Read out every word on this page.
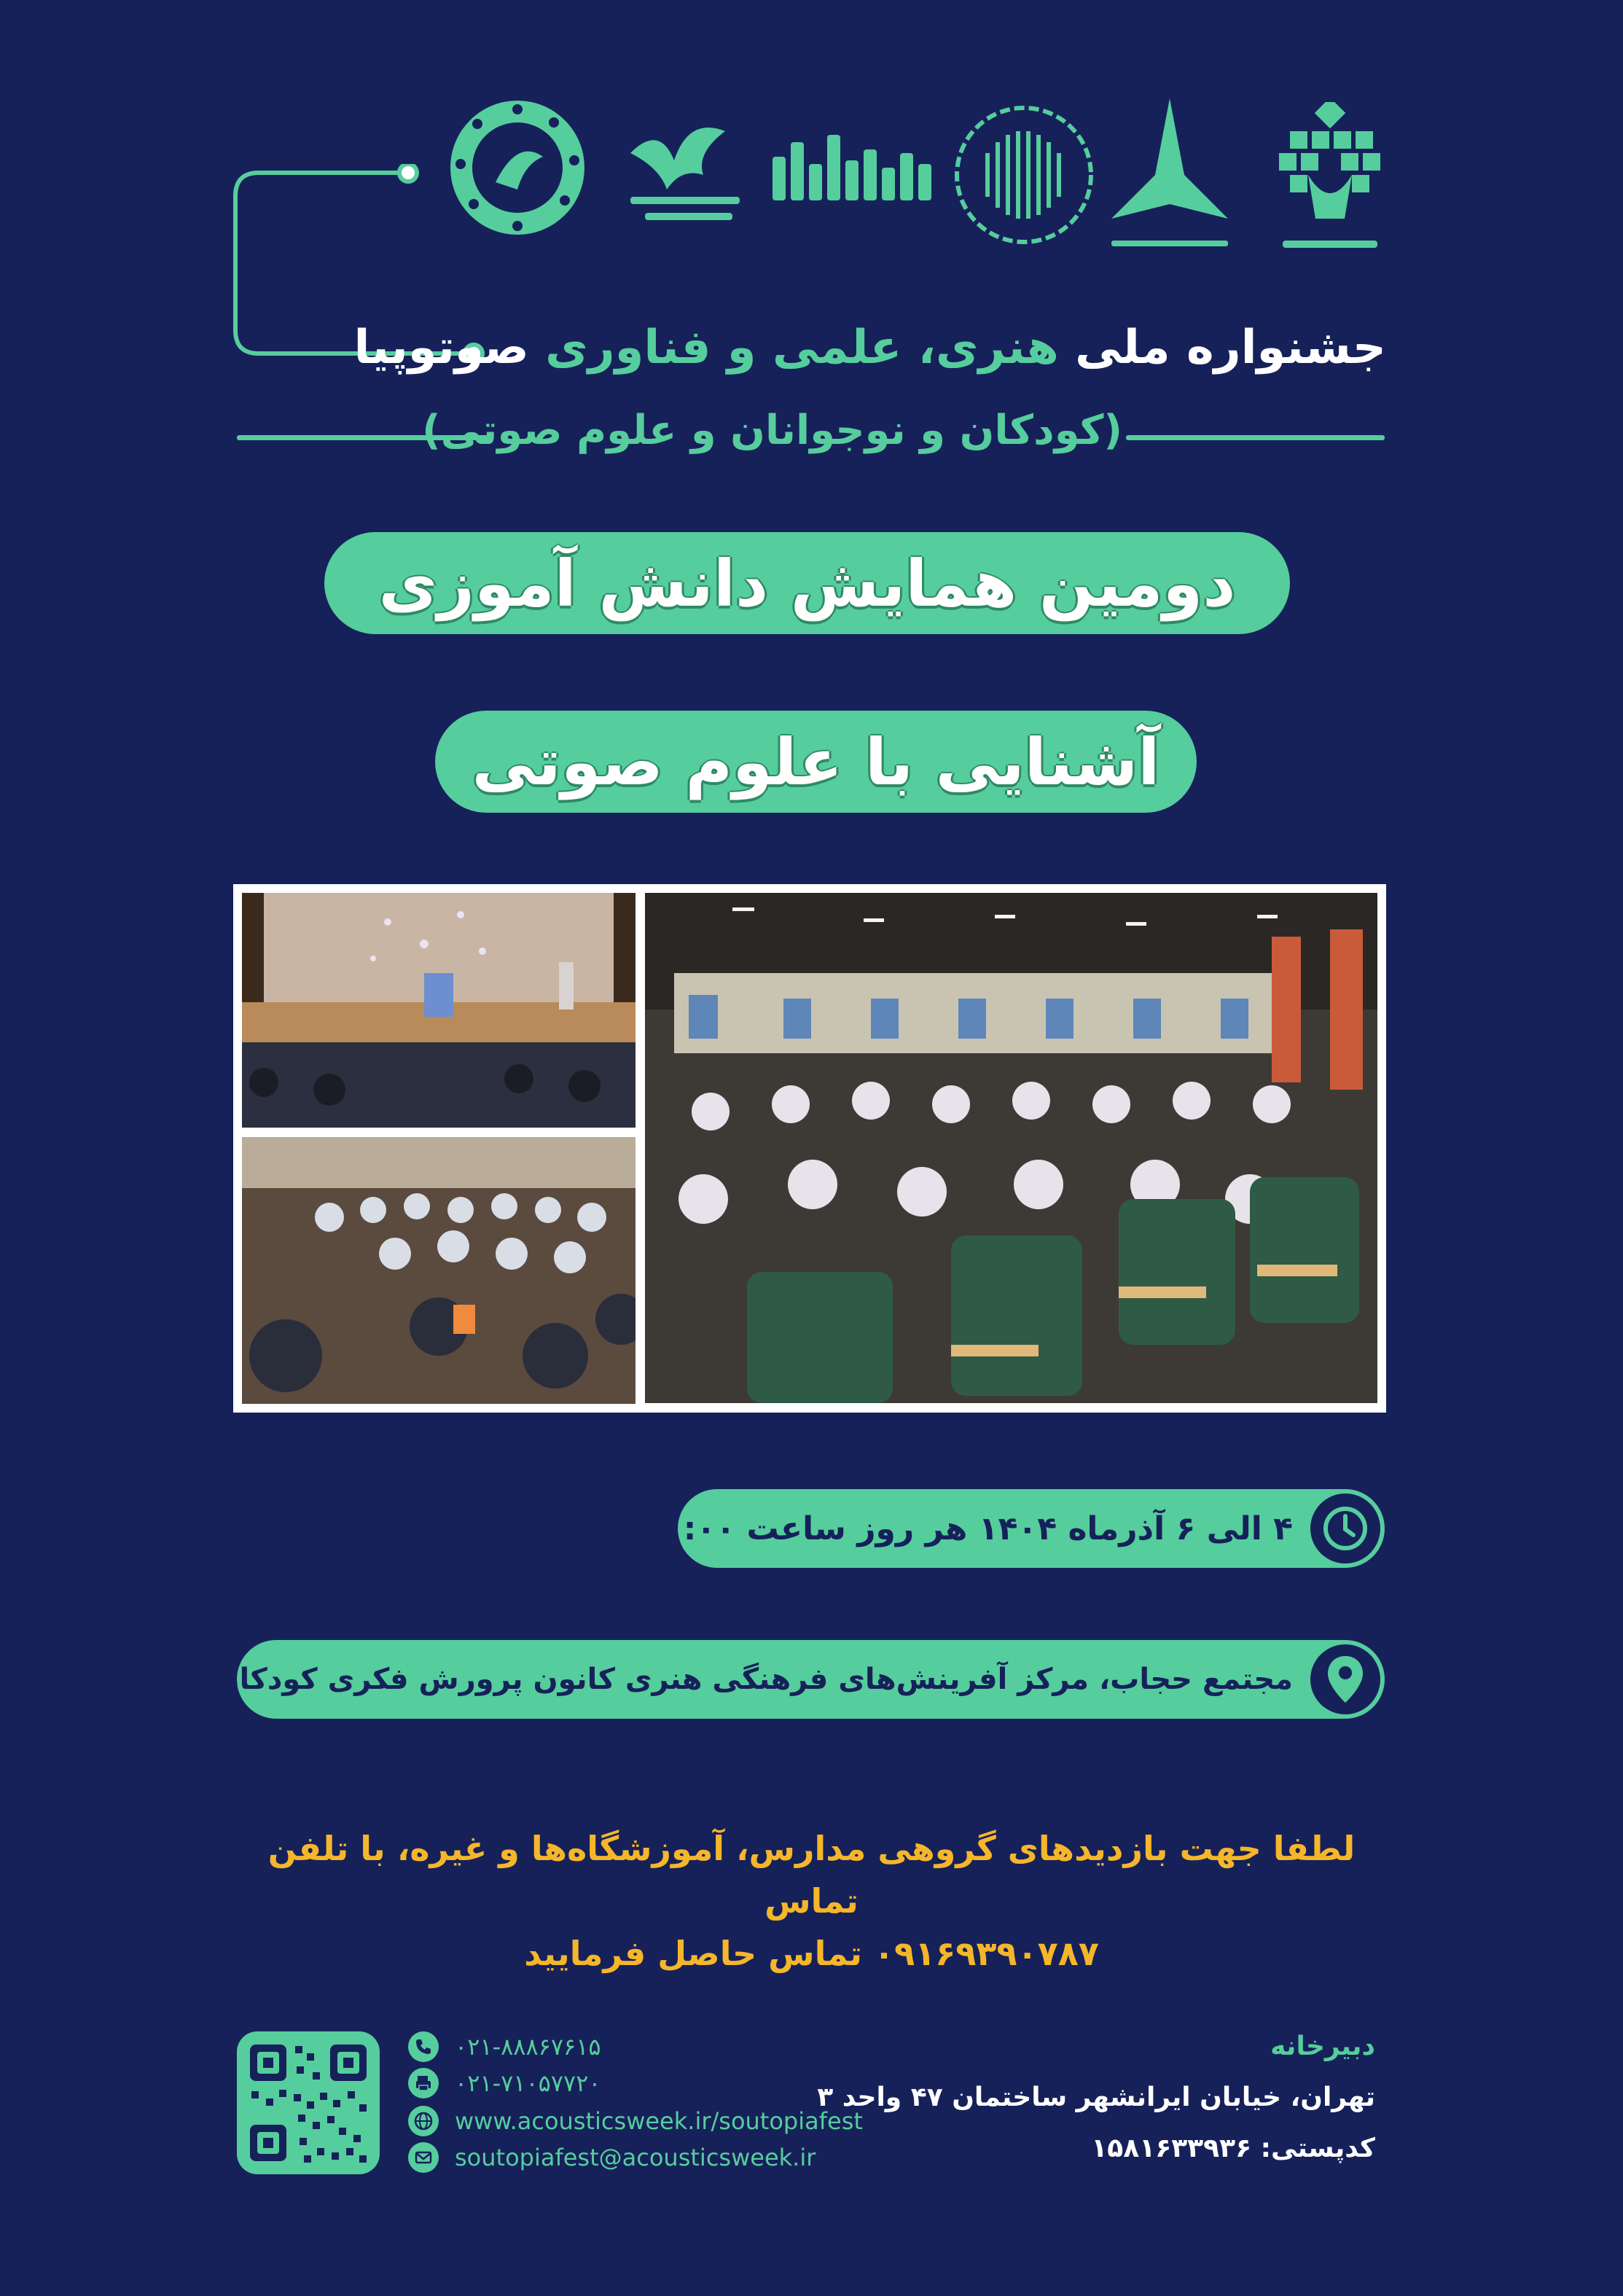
جشنواره ملی هنری، علمی و فناوری صوتوپیا
(کودکان و نوجوانان و علوم صوتی)
دومین همایش دانش آموزی
آشنایی با علوم صوتی
۴ الی ۶ آذرماه ۱۴۰۴ هر روز ساعت ۱۰:۰۰ الی ۱۱:۳۰
مجتمع حجاب، مرکز آفرینش‌های فرهنگی هنری کانون پرورش فکری کودکان و نوجوانان
لطفا جهت بازدیدهای گروهی مدارس، آموزشگاه‌ها و غیره، با تلفن تماس
۰۹۱۶۹۳۹۰۷۸۷ تماس حاصل فرمایید
۰۲۱-۸۸۸۶۷۶۱۵
۰۲۱-۷۱۰۵۷۷۲۰
www.acousticsweek.ir/soutopiafest
soutopiafest@acousticsweek.ir
دبیرخانه
تهران، خیابان ایرانشهر ساختمان ۴۷ واحد ۳
کدپستی: ۱۵۸۱۶۳۳۹۳۶
